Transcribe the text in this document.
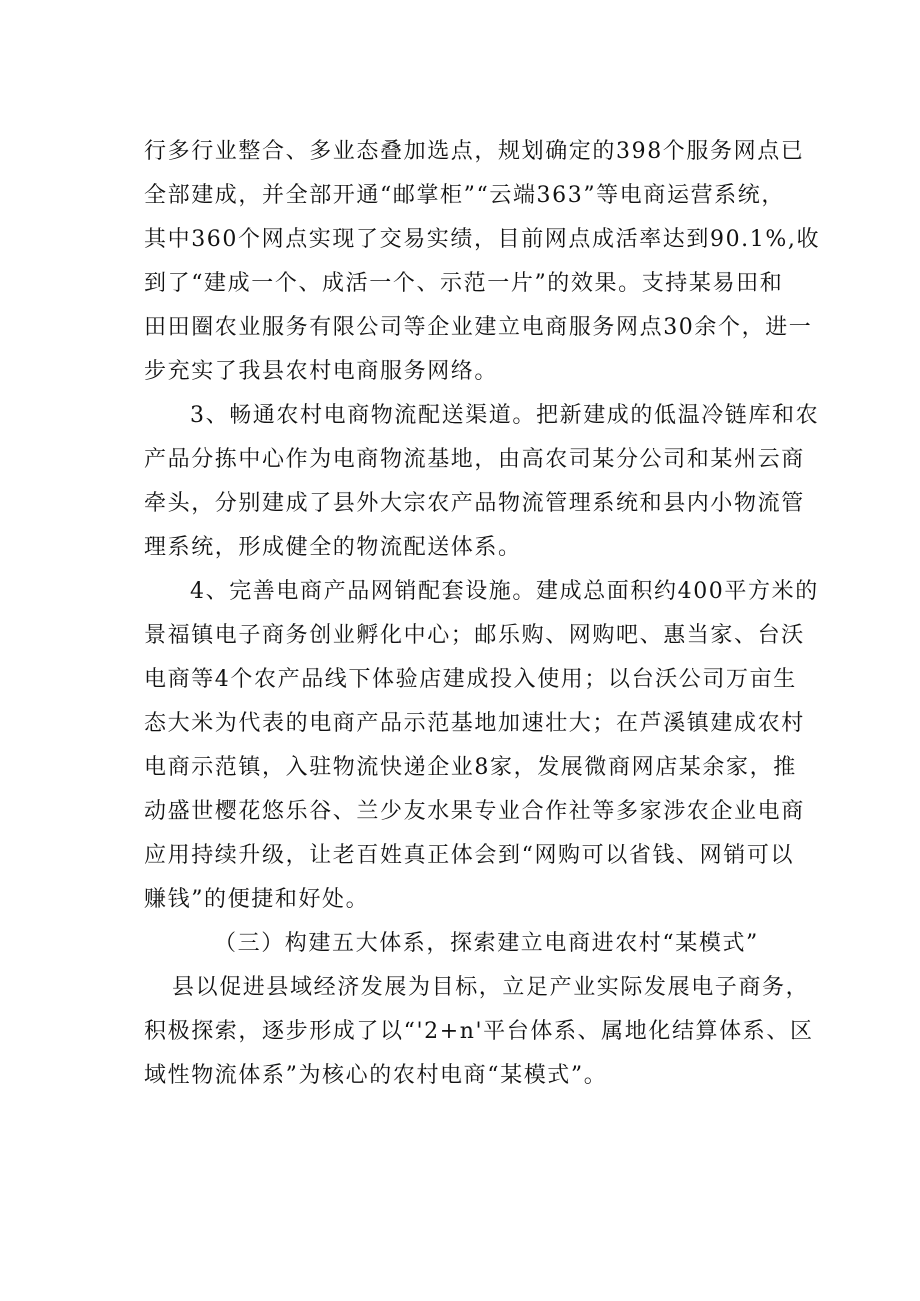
行多行业整合、多业态叠加选点，规划确定的398个服务网点已
全部建成，并全部开通“邮掌柜”“云端363”等电商运营系统，
其中360个网点实现了交易实绩，目前网点成活率达到90.1%,收
到了“建成一个、成活一个、示范一片”的效果。支持某易田和
田田圈农业服务有限公司等企业建立电商服务网点30余个，进一
步充实了我县农村电商服务网络。
3、畅通农村电商物流配送渠道。把新建成的低温冷链库和农
产品分拣中心作为电商物流基地，由高农司某分公司和某州云商
牵头，分别建成了县外大宗农产品物流管理系统和县内小物流管
理系统，形成健全的物流配送体系。
4、完善电商产品网销配套设施。建成总面积约400平方米的
景福镇电子商务创业孵化中心；邮乐购、网购吧、惠当家、台沃
电商等4个农产品线下体验店建成投入使用；以台沃公司万亩生
态大米为代表的电商产品示范基地加速壮大；在芦溪镇建成农村
电商示范镇，入驻物流快递企业8家，发展微商网店某余家，推
动盛世樱花悠乐谷、兰少友水果专业合作社等多家涉农企业电商
应用持续升级，让老百姓真正体会到“网购可以省钱、网销可以
赚钱”的便捷和好处。
（三）构建五大体系，探索建立电商进农村“某模式”
县以促进县域经济发展为目标，立足产业实际发展电子商务，
积极探索，逐步形成了以“'2+n'平台体系、属地化结算体系、区
域性物流体系”为核心的农村电商“某模式”。
